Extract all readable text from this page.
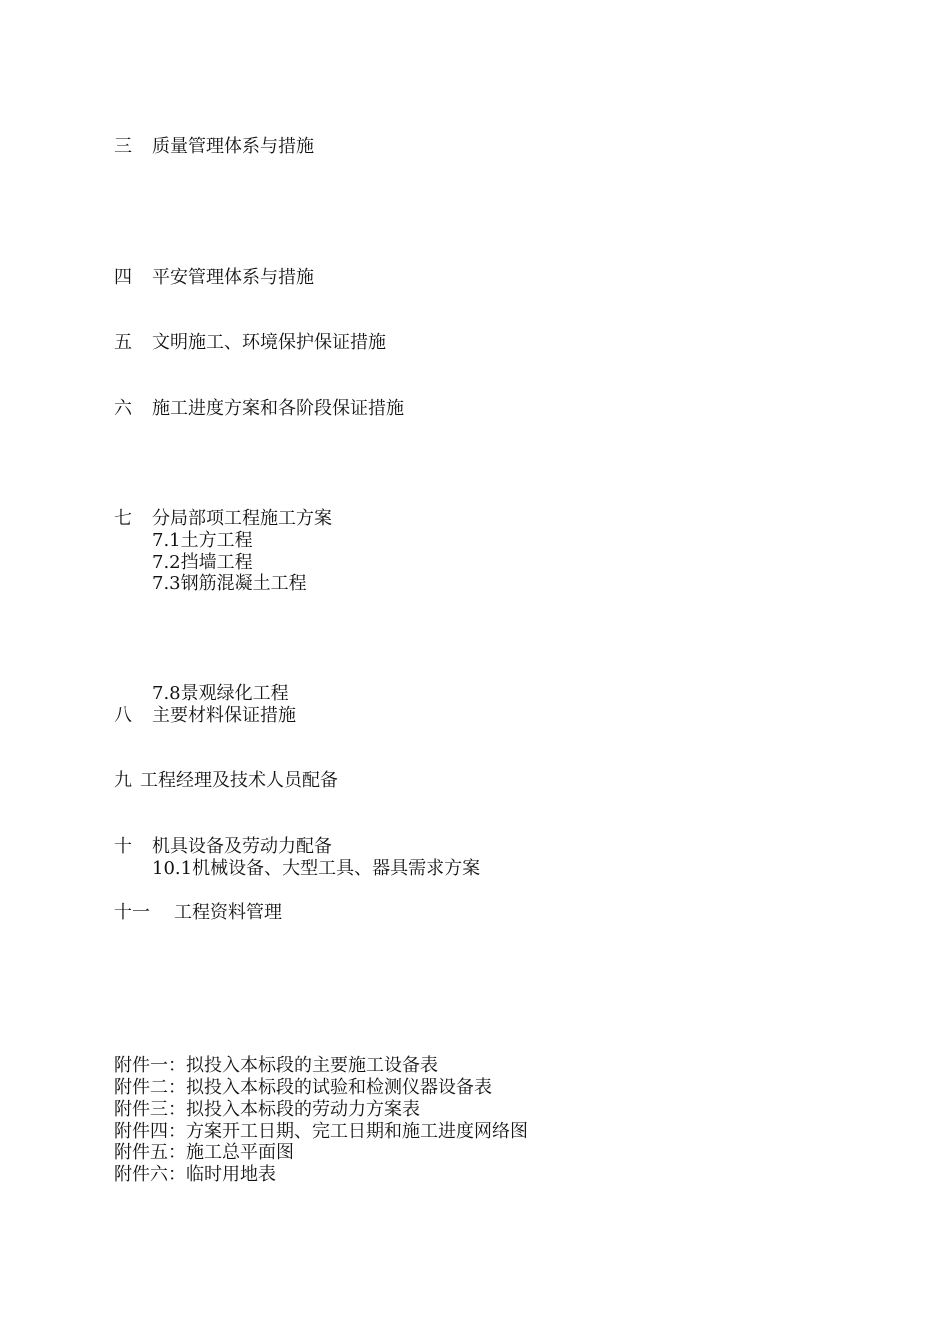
三 质量管理体系与措施
四 平安管理体系与措施
五 文明施工、环境保护保证措施
六 施工进度方案和各阶段保证措施
七 分局部项工程施工方案
7.1土方工程
7.2挡墙工程
7.3钢筋混凝土工程
7.8景观绿化工程
八 主要材料保证措施
九 工程经理及技术人员配备
十 机具设备及劳动力配备
10.1机械设备、大型工具、器具需求方案
十一 工程资料管理
附件一：拟投入本标段的主要施工设备表
附件二：拟投入本标段的试验和检测仪器设备表
附件三：拟投入本标段的劳动力方案表
附件四：方案开工日期、完工日期和施工进度网络图
附件五：施工总平面图
附件六：临时用地表
